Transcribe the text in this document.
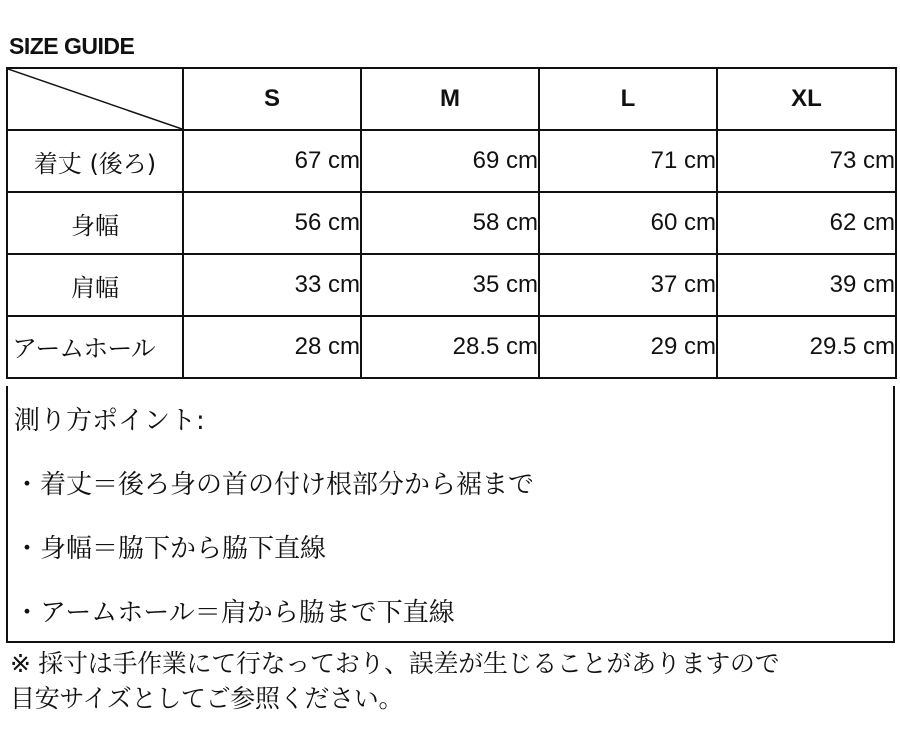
SIZE GUIDE
	S	M	L	XL
着丈 (後ろ)	67 cm	69 cm	71 cm	73 cm
身幅	56 cm	58 cm	60 cm	62 cm
肩幅	33 cm	35 cm	37 cm	39 cm
アームホール	28 cm	28.5 cm	29 cm	29.5 cm
測り方ポイント:
・着丈＝後ろ身の首の付け根部分から裾まで
・身幅＝脇下から脇下直線
・アームホール＝肩から脇まで下直線
※ 採寸は手作業にて行なっており、誤差が生じることがありますので
目安サイズとしてご参照ください。
